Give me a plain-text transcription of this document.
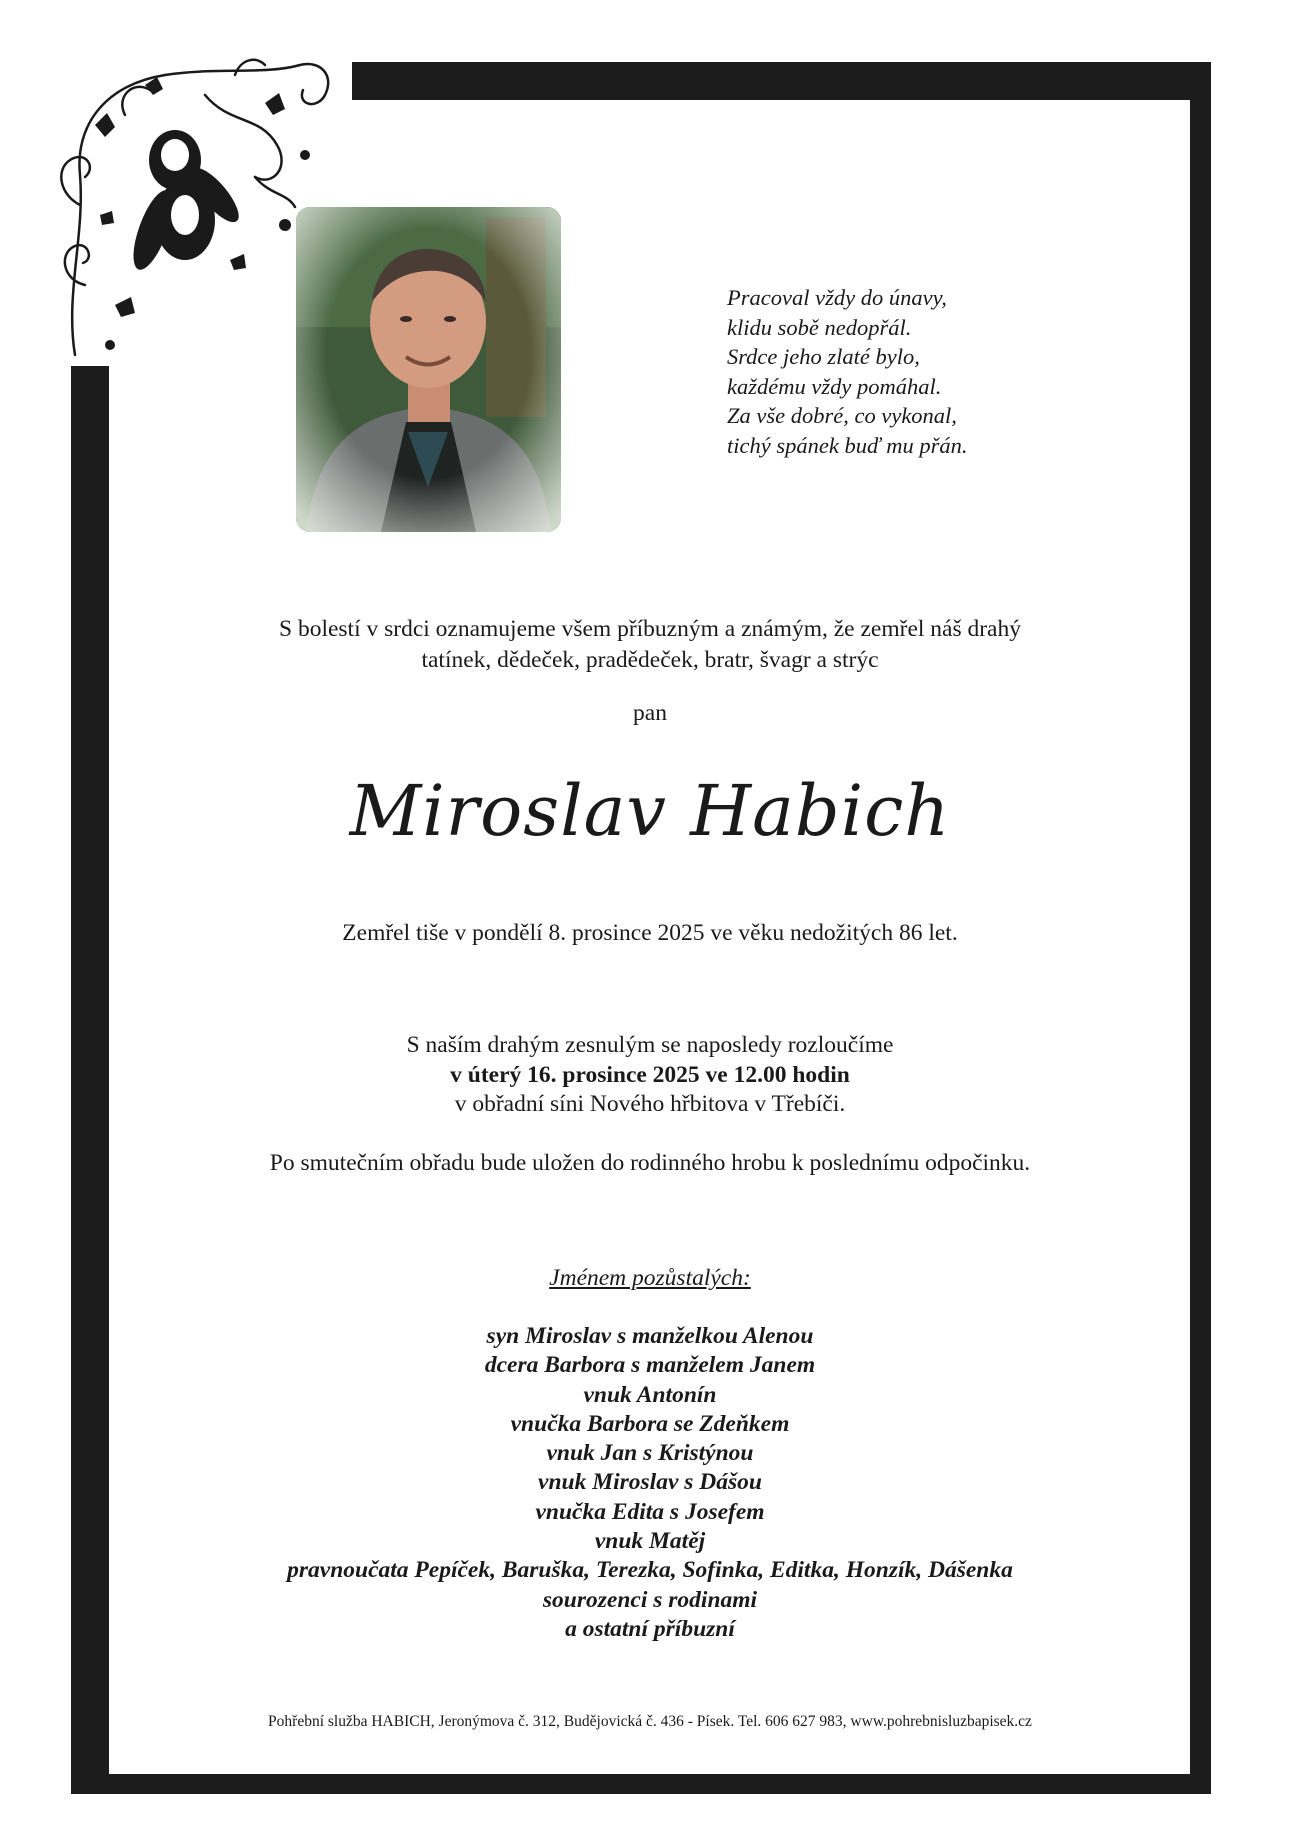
Pracoval vždy do únavy,
klidu sobě nedopřál.
Srdce jeho zlaté bylo,
každému vždy pomáhal.
Za vše dobré, co vykonal,
tichý spánek buď mu přán.
S bolestí v srdci oznamujeme všem příbuzným a známým, že zemřel náš drahý
tatínek, dědeček, pradědeček, bratr, švagr a strýc
pan
Miroslav Habich
Zemřel tiše v pondělí 8. prosince 2025 ve věku nedožitých 86 let.
S naším drahým zesnulým se naposledy rozloučíme
v úterý 16. prosince 2025 ve 12.00 hodin
v obřadní síni Nového hřbitova v Třebíči.
Po smutečním obřadu bude uložen do rodinného hrobu k poslednímu odpočinku.
Jménem pozůstalých:
syn Miroslav s manželkou Alenou
dcera Barbora s manželem Janem
vnuk Antonín
vnučka Barbora se Zdeňkem
vnuk Jan s Kristýnou
vnuk Miroslav s Dášou
vnučka Edita s Josefem
vnuk Matěj
pravnoučata Pepíček, Baruška, Terezka, Sofinka, Editka, Honzík, Dášenka
sourozenci s rodinami
a ostatní příbuzní
Pohřební služba HABICH, Jeronýmova č. 312, Budějovická č. 436 - Písek. Tel. 606 627 983, www.pohrebnisluzbapisek.cz
